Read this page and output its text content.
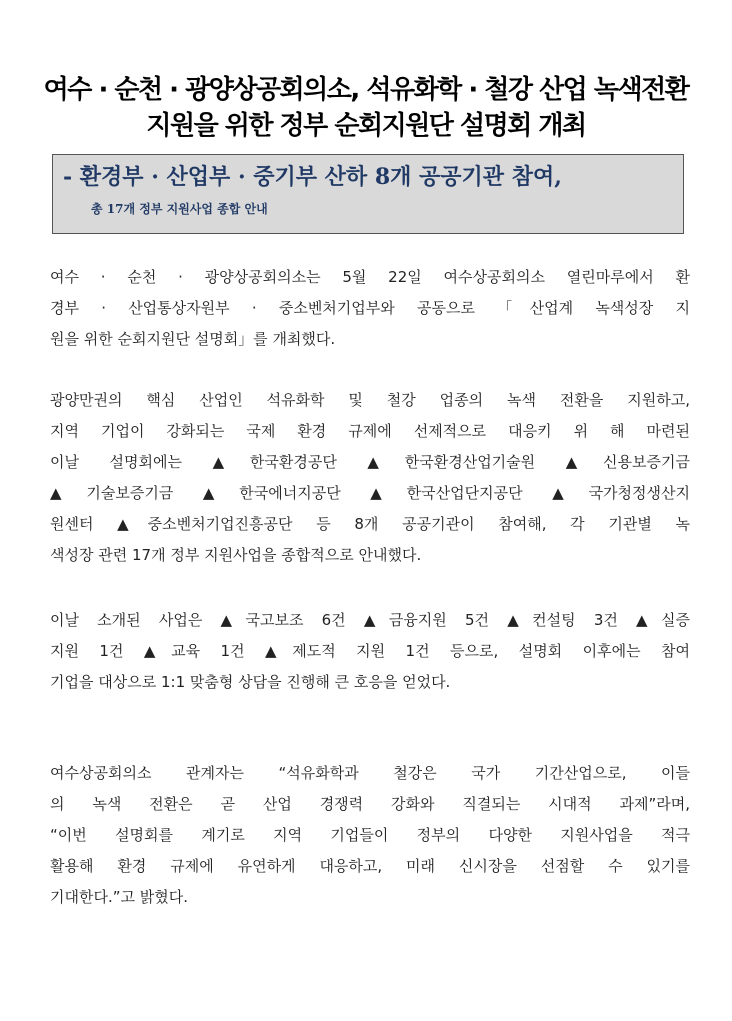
여수 · 순천 · 광양상공회의소, 석유화학 · 철강 산업 녹색전환
지원을 위한 정부 순회지원단 설명회 개최
- 환경부 · 산업부 · 중기부 산하 8개 공공기관 참여,
총 17개 정부 지원사업 종합 안내
여수 · 순천 · 광양상공회의소는 5월 22일 여수상공회의소 열린마루에서 환
경부 · 산업통상자원부 · 중소벤처기업부와 공동으로 「산업계 녹색성장 지
원을 위한 순회지원단 설명회」를 개최했다.
광양만권의 핵심 산업인 석유화학 및 철강 업종의 녹색 전환을 지원하고,
지역 기업이 강화되는 국제 환경 규제에 선제적으로 대응키 위 해 마련된
이날 설명회에는 ▲한국환경공단 ▲한국환경산업기술원 ▲신용보증기금
▲기술보증기금 ▲한국에너지공단 ▲한국산업단지공단 ▲국가청정생산지
원센터 ▲중소벤처기업진흥공단 등 8개 공공기관이 참여해, 각 기관별 녹
색성장 관련 17개 정부 지원사업을 종합적으로 안내했다.
이날 소개된 사업은 ▲국고보조 6건 ▲금융지원 5건 ▲컨설팅 3건 ▲실증
지원 1건 ▲교육 1건 ▲제도적 지원 1건 등으로, 설명회 이후에는 참여
기업을 대상으로 1:1 맞춤형 상담을 진행해 큰 호응을 얻었다.
여수상공회의소 관계자는 “석유화학과 철강은 국가 기간산업으로, 이들
의 녹색 전환은 곧 산업 경쟁력 강화와 직결되는 시대적 과제”라며,
“이번 설명회를 계기로 지역 기업들이 정부의 다양한 지원사업을 적극
활용해 환경 규제에 유연하게 대응하고, 미래 신시장을 선점할 수 있기를
기대한다.”고 밝혔다.
